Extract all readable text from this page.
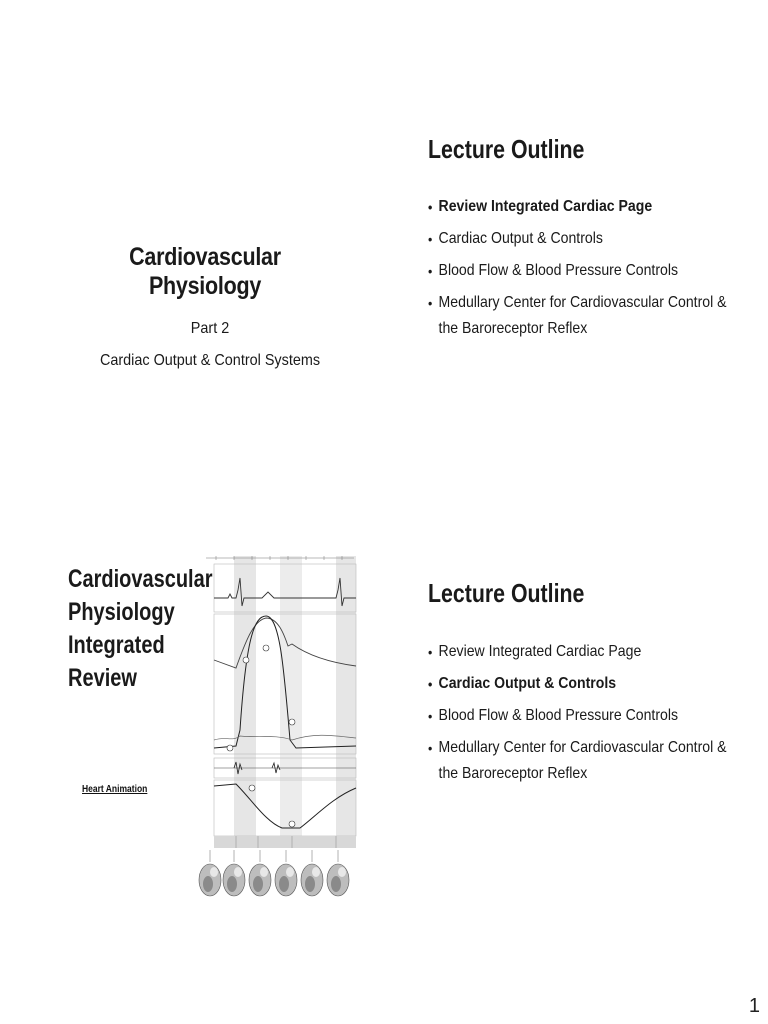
Cardiovascular Physiology
Part 2
Cardiac Output & Control Systems
Lecture Outline
• Review Integrated Cardiac Page
• Cardiac Output & Controls
• Blood Flow & Blood Pressure Controls
• Medullary Center for Cardiovascular Control & the Baroreceptor Reflex
Cardiovascular
Physiology
Integrated
Review
Heart Animation
Lecture Outline
• Review Integrated Cardiac Page
• Cardiac Output & Controls
• Blood Flow & Blood Pressure Controls
• Medullary Center for Cardiovascular Control & the Baroreceptor Reflex
1
